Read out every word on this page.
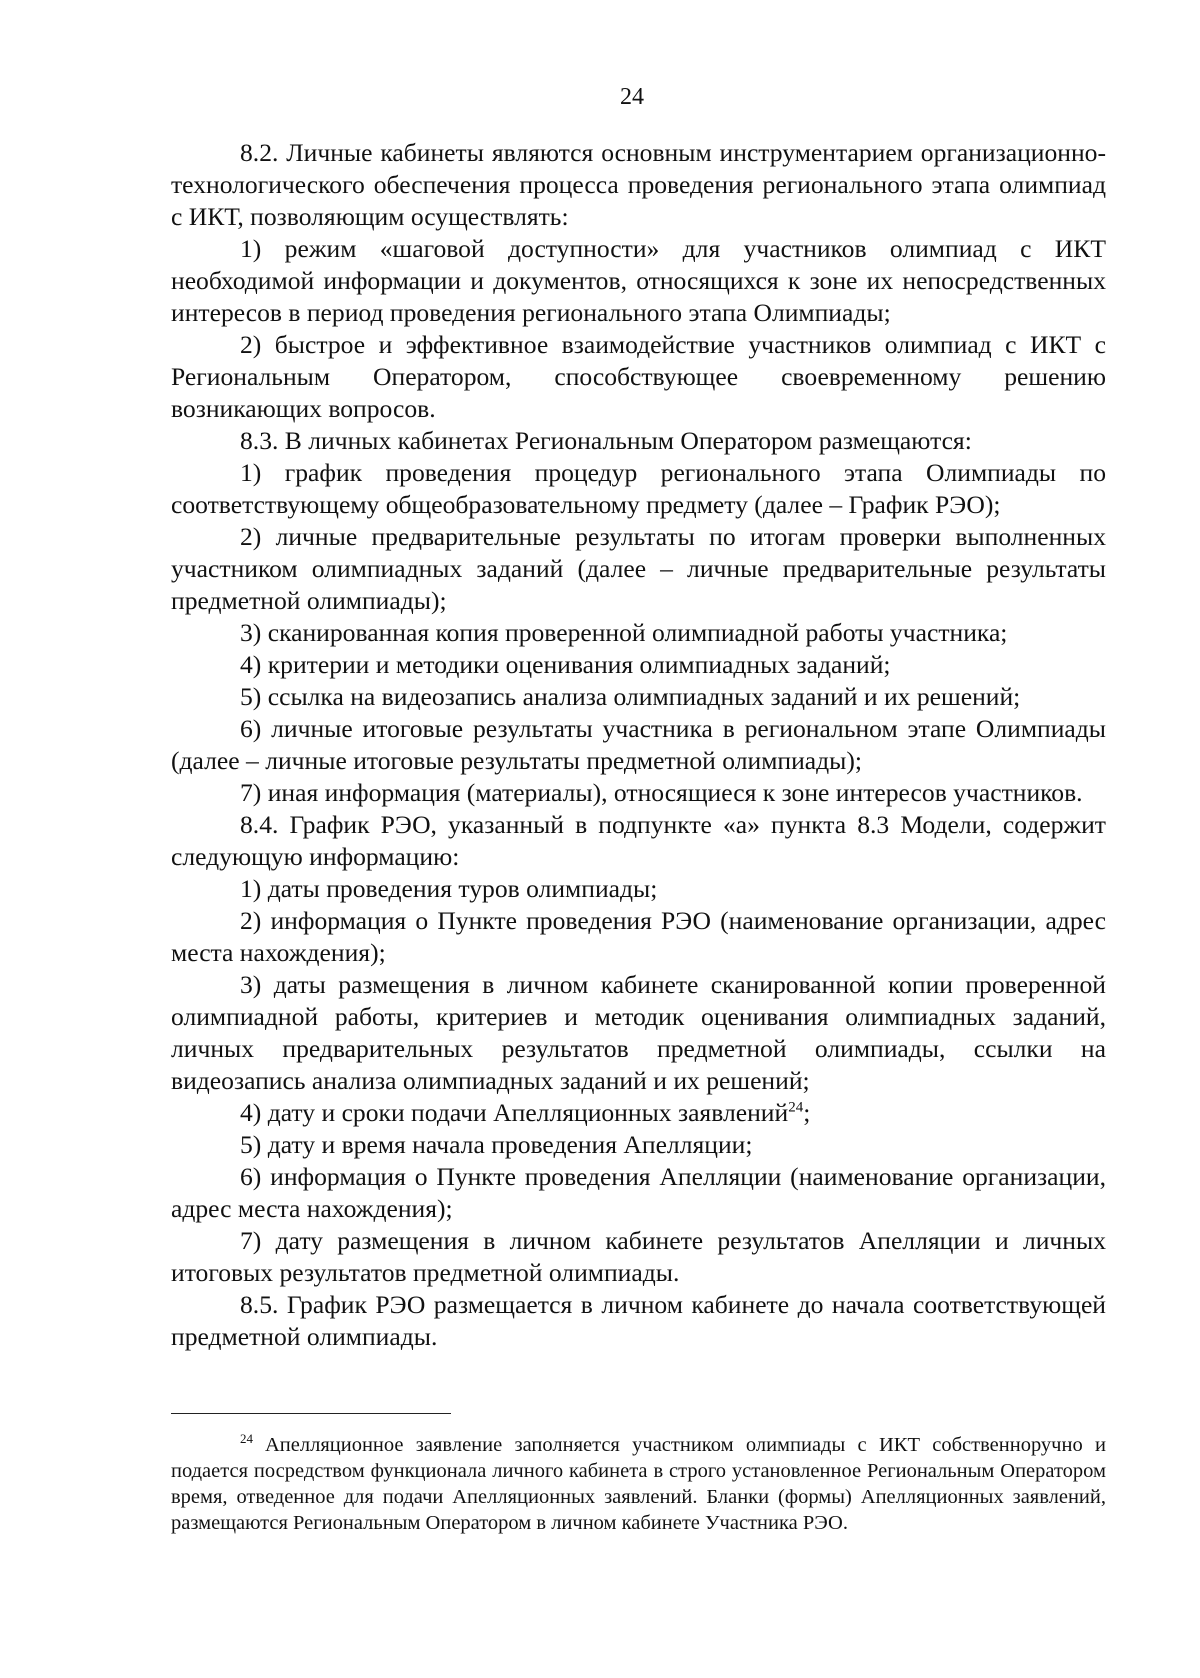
24

8.2. Личные кабинеты являются основным инструментарием организационно-технологического обеспечения процесса проведения регионального этапа олимпиад с ИКТ, позволяющим осуществлять:

1) режим «шаговой доступности» для участников олимпиад с ИКТ необходимой информации и документов, относящихся к зоне их непосредственных интересов в период проведения регионального этапа Олимпиады;

2) быстрое и эффективное взаимодействие участников олимпиад с ИКТ с Региональным Оператором, способствующее своевременному решению возникающих вопросов.

8.3. В личных кабинетах Региональным Оператором размещаются:

1) график проведения процедур регионального этапа Олимпиады по соответствующему общеобразовательному предмету (далее – График РЭО);

2) личные предварительные результаты по итогам проверки выполненных участником олимпиадных заданий (далее – личные предварительные результаты предметной олимпиады);

3) сканированная копия проверенной олимпиадной работы участника;

4) критерии и методики оценивания олимпиадных заданий;

5) ссылка на видеозапись анализа олимпиадных заданий и их решений;

6) личные итоговые результаты участника в региональном этапе Олимпиады (далее – личные итоговые результаты предметной олимпиады);

7) иная информация (материалы), относящиеся к зоне интересов участников.

8.4. График РЭО, указанный в подпункте «а» пункта 8.3 Модели, содержит следующую информацию:

1) даты проведения туров олимпиады;

2) информация о Пункте проведения РЭО (наименование организации, адрес места нахождения);

3) даты размещения в личном кабинете сканированной копии проверенной олимпиадной работы, критериев и методик оценивания олимпиадных заданий, личных предварительных результатов предметной олимпиады, ссылки на видеозапись анализа олимпиадных заданий и их решений;

4) дату и сроки подачи Апелляционных заявлений$^{24}$;

5) дату и время начала проведения Апелляции;

6) информация о Пункте проведения Апелляции (наименование организации, адрес места нахождения);

7) дату размещения в личном кабинете результатов Апелляции и личных итоговых результатов предметной олимпиады.

8.5. График РЭО размещается в личном кабинете до начала соответствующей предметной олимпиады.

$^{24}$ Апелляционное заявление заполняется участником олимпиады с ИКТ собственноручно и подается посредством функционала личного кабинета в строго установленное Региональным Оператором время, отведенное для подачи Апелляционных заявлений. Бланки (формы) Апелляционных заявлений, размещаются Региональным Оператором в личном кабинете Участника РЭО.
